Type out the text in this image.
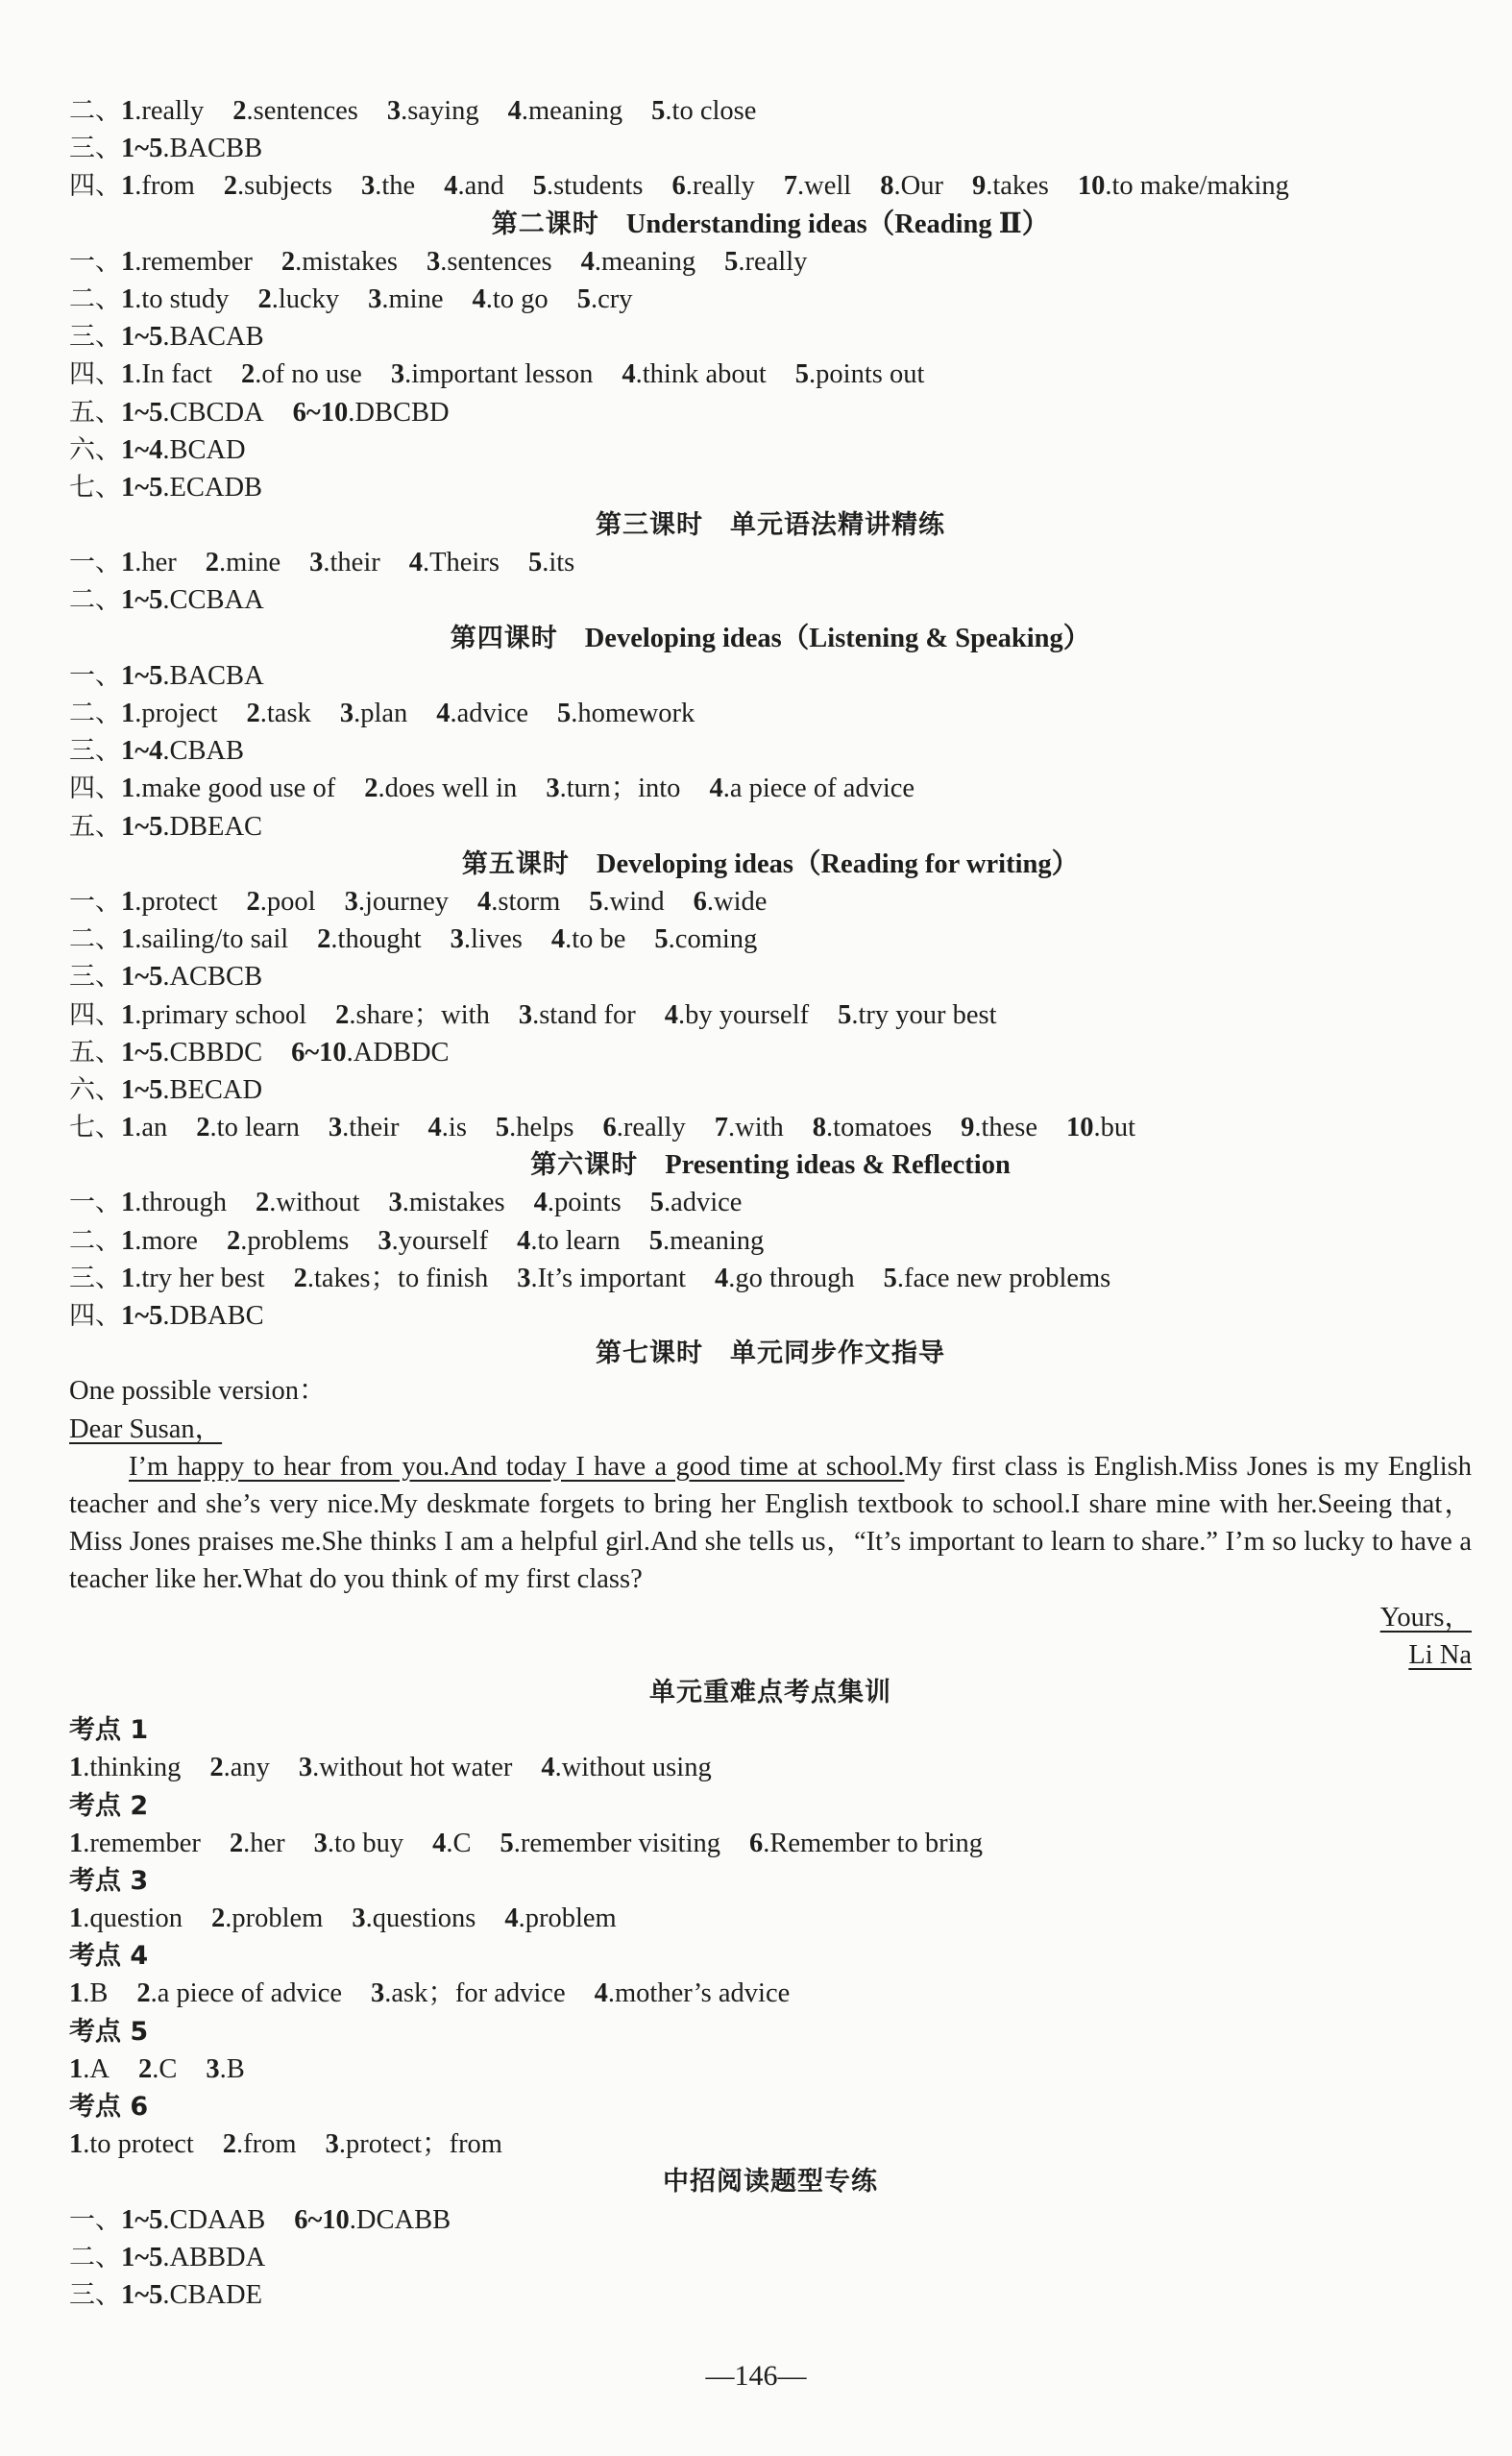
二、1.really 2.sentences 3.saying 4.meaning 5.to close
三、1~5.BACBB
四、1.from 2.subjects 3.the 4.and 5.students 6.really 7.well 8.Our 9.takes 10.to make/making
第二课时 Understanding ideas（Reading Ⅱ）
一、1.remember 2.mistakes 3.sentences 4.meaning 5.really
二、1.to study 2.lucky 3.mine 4.to go 5.cry
三、1~5.BACAB
四、1.In fact 2.of no use 3.important lesson 4.think about 5.points out
五、1~5.CBCDA 6~10.DBCBD
六、1~4.BCAD
七、1~5.ECADB
第三课时 单元语法精讲精练
一、1.her 2.mine 3.their 4.Theirs 5.its
二、1~5.CCBAA
第四课时 Developing ideas（Listening & Speaking）
一、1~5.BACBA
二、1.project 2.task 3.plan 4.advice 5.homework
三、1~4.CBAB
四、1.make good use of 2.does well in 3.turn；into 4.a piece of advice
五、1~5.DBEAC
第五课时 Developing ideas（Reading for writing）
一、1.protect 2.pool 3.journey 4.storm 5.wind 6.wide
二、1.sailing/to sail 2.thought 3.lives 4.to be 5.coming
三、1~5.ACBCB
四、1.primary school 2.share；with 3.stand for 4.by yourself 5.try your best
五、1~5.CBBDC 6~10.ADBDC
六、1~5.BECAD
七、1.an 2.to learn 3.their 4.is 5.helps 6.really 7.with 8.tomatoes 9.these 10.but
第六课时 Presenting ideas & Reflection
一、1.through 2.without 3.mistakes 4.points 5.advice
二、1.more 2.problems 3.yourself 4.to learn 5.meaning
三、1.try her best 2.takes；to finish 3.It’s important 4.go through 5.face new problems
四、1~5.DBABC
第七课时 单元同步作文指导
One possible version：
Dear Susan，
I’m happy to hear from you.And today I have a good time at school.My first class is English.Miss Jones is my English teacher and she’s very nice.My deskmate forgets to bring her English textbook to school.I share mine with her.Seeing that，Miss Jones praises me.She thinks I am a helpful girl.And she tells us，“It’s important to learn to share.” I’m so lucky to have a teacher like her.What do you think of my first class?
Yours，
Li Na
单元重难点考点集训
考点 1
1.thinking 2.any 3.without hot water 4.without using
考点 2
1.remember 2.her 3.to buy 4.C 5.remember visiting 6.Remember to bring
考点 3
1.question 2.problem 3.questions 4.problem
考点 4
1.B 2.a piece of advice 3.ask；for advice 4.mother’s advice
考点 5
1.A 2.C 3.B
考点 6
1.to protect 2.from 3.protect；from
中招阅读题型专练
一、1~5.CDAAB 6~10.DCABB
二、1~5.ABBDA
三、1~5.CBADE
—146—
